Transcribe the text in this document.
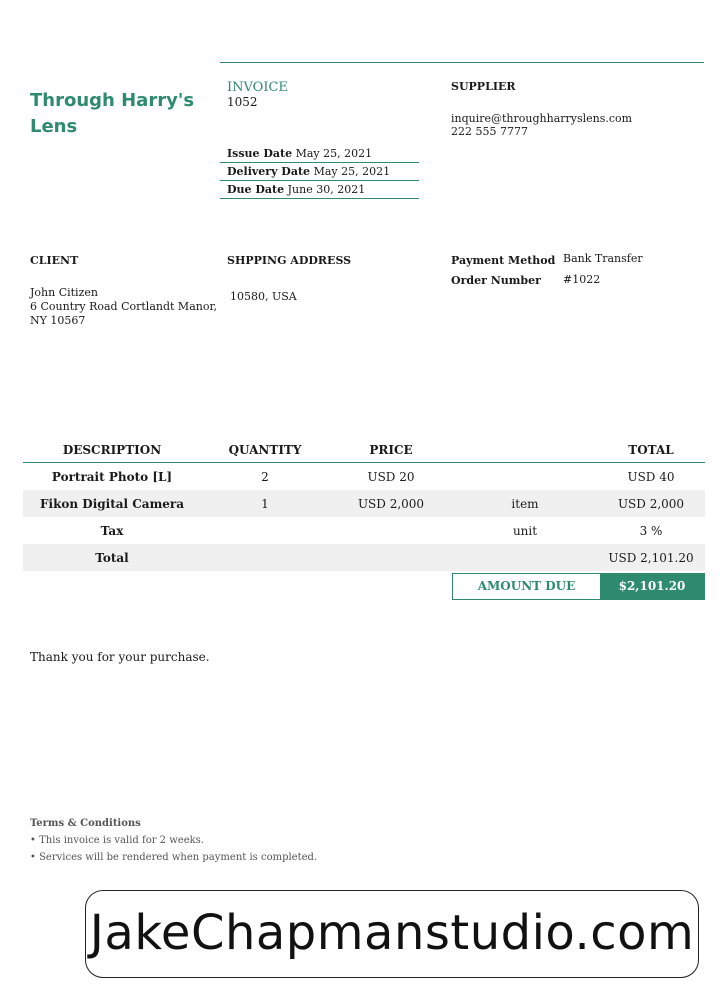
Through Harry's Lens
INVOICE
1052
Issue Date May 25, 2021
Delivery Date May 25, 2021
Due Date June 30, 2021
SUPPLIER
inquire@throughharryslens.com
222 555 7777
CLIENT
John Citizen
6 Country Road Cortlandt Manor,
NY 10567
SHPPING ADDRESS
10580, USA
Payment Method Bank Transfer
Order Number #1022
DESCRIPTION	QUANTITY	PRICE		TOTAL
Portrait Photo [L]	2	USD 20		USD 40
Fikon Digital Camera	1	USD 2,000	item	USD 2,000
Tax			unit	3 %
Total				USD 2,101.20
AMOUNT DUE	$2,101.20
Thank you for your purchase.
Terms & Conditions
• This invoice is valid for 2 weeks.
• Services will be rendered when payment is completed.
JakeChapmanstudio.com
